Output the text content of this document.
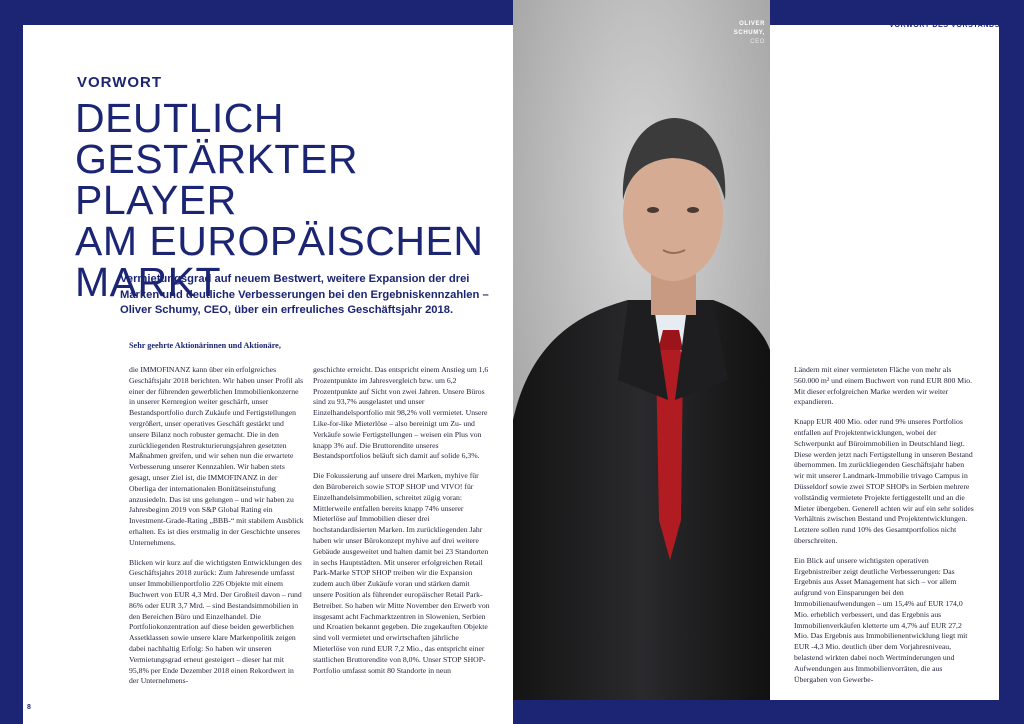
OLIVER
SCHUMY,
CEO
VORWORT DES VORSTANDS
VORWORT
DEUTLICH
GESTÄRKTER PLAYER
AM EUROPÄISCHEN
MARKT

Vermietungsgrad auf neuem Bestwert, weitere Expansion der drei Marken und deutliche Verbesserungen bei den Ergebniskennzahlen – Oliver Schumy, CEO, über ein erfreuliches Geschäftsjahr 2018.

Sehr geehrte Aktionärinnen und Aktionäre,

die IMMOFINANZ kann über ein erfolgreiches Geschäftsjahr 2018 berichten. Wir haben unser Profil als einer der führenden gewerblichen Immobilienkonzerne in unserer Kernregion weiter geschärft, unser Bestandsportfolio durch Zukäufe und Fertigstellungen vergrößert, unser operatives Geschäft gestärkt und unsere Bilanz noch robuster gemacht. Die in den zurückliegenden Restrukturierungsjahren gesetzten Maßnahmen greifen, und wir sehen nun die erwartete Verbesserung unserer Kennzahlen. Wir haben stets gesagt, unser Ziel ist, die IMMOFINANZ in der Oberliga der internationalen Bonitätseinstufung anzusiedeln. Das ist uns gelungen – und wir haben zu Jahresbeginn 2019 von S&P Global Rating ein Investment-Grade-Rating „BBB-“ mit stabilem Ausblick erhalten. Es ist dies erstmalig in der Geschichte unseres Unternehmens.

Blicken wir kurz auf die wichtigsten Entwicklungen des Geschäftsjahrs 2018 zurück: Zum Jahresende umfasst unser Immobilienportfolio 226 Objekte mit einem Buchwert von EUR 4,3 Mrd. Der Großteil davon – rund 86% oder EUR 3,7 Mrd. – sind Bestandsimmobilien in den Bereichen Büro und Einzelhandel. Die Portfoliokonzentration auf diese beiden gewerblichen Assetklassen sowie unsere klare Markenpolitik zeigen dabei nachhaltig Erfolg: So haben wir unseren Vermietungsgrad erneut gesteigert – dieser hat mit 95,8% per Ende Dezember 2018 einen Rekordwert in der Unternehmens-

geschichte erreicht. Das entspricht einem Anstieg um 1,6 Prozentpunkte im Jahresvergleich bzw. um 6,2 Prozentpunkte auf Sicht von zwei Jahren. Unsere Büros sind zu 93,7% ausgelastet und unser Einzelhandelsportfolio mit 98,2% voll vermietet. Unsere Like-for-like Mieterlöse – also bereinigt um Zu- und Verkäufe sowie Fertigstellungen – weisen ein Plus von knapp 3% auf. Die Bruttorendite unseres Bestandsportfolios beläuft sich damit auf solide 6,3%.

Die Fokussierung auf unsere drei Marken, myhive für den Bürobereich sowie STOP SHOP und VIVO! für Einzelhandelsimmobilien, schreitet zügig voran: Mittlerweile entfallen bereits knapp 74% unserer Mieterlöse auf Immobilien dieser drei hochstandardisierten Marken. Im zurückliegenden Jahr haben wir unser Bürokonzept myhive auf drei weitere Gebäude ausgeweitet und halten damit bei 23 Standorten in sechs Hauptstädten. Mit unserer erfolgreichen Retail Park-Marke STOP SHOP treiben wir die Expansion zudem auch über Zukäufe voran und stärken damit unsere Position als führender europäischer Retail Park-Betreiber. So haben wir Mitte November den Erwerb von insgesamt acht Fachmarktzentren in Slowenien, Serbien und Kroatien bekannt gegeben. Die zugekauften Objekte sind voll vermietet und erwirtschaften jährliche Mieterlöse von rund EUR 7,2 Mio., das entspricht einer stattlichen Bruttorendite von 8,0%. Unser STOP SHOP-Portfolio umfasst somit 80 Standorte in neun

Ländern mit einer vermieteten Fläche von mehr als 560.000 m² und einem Buchwert von rund EUR 800 Mio. Mit dieser erfolgreichen Marke werden wir weiter expandieren.

Knapp EUR 400 Mio. oder rund 9% unseres Portfolios entfallen auf Projektentwicklungen, wobei der Schwerpunkt auf Büroimmobilien in Deutschland liegt. Diese werden jetzt nach Fertigstellung in unseren Bestand übernommen. Im zurückliegenden Geschäftsjahr haben wir mit unserer Landmark-Immobilie trivago Campus in Düsseldorf sowie zwei STOP SHOPs in Serbien mehrere vollständig vermietete Projekte fertiggestellt und an die Mieter übergeben. Generell achten wir auf ein sehr solides Verhältnis zwischen Bestand und Projektentwicklungen. Letztere sollen rund 10% des Gesamtportfolios nicht überschreiten.

Ein Blick auf unsere wichtigsten operativen Ergebnistreiber zeigt deutliche Verbesserungen: Das Ergebnis aus Asset Management hat sich – vor allem aufgrund von Einsparungen bei den Immobilienaufwendungen – um 15,4% auf EUR 174,0 Mio. erheblich verbessert, und das Ergebnis aus Immobilienverkäufen kletterte um 4,7% auf EUR 27,2 Mio. Das Ergebnis aus Immobilienentwicklung liegt mit EUR -4,3 Mio. deutlich über dem Vorjahresniveau, belastend wirkten dabei noch Wertminderungen und Aufwendungen aus Immobilienvorräten, die aus Übergaben von Gewerbe-

8
